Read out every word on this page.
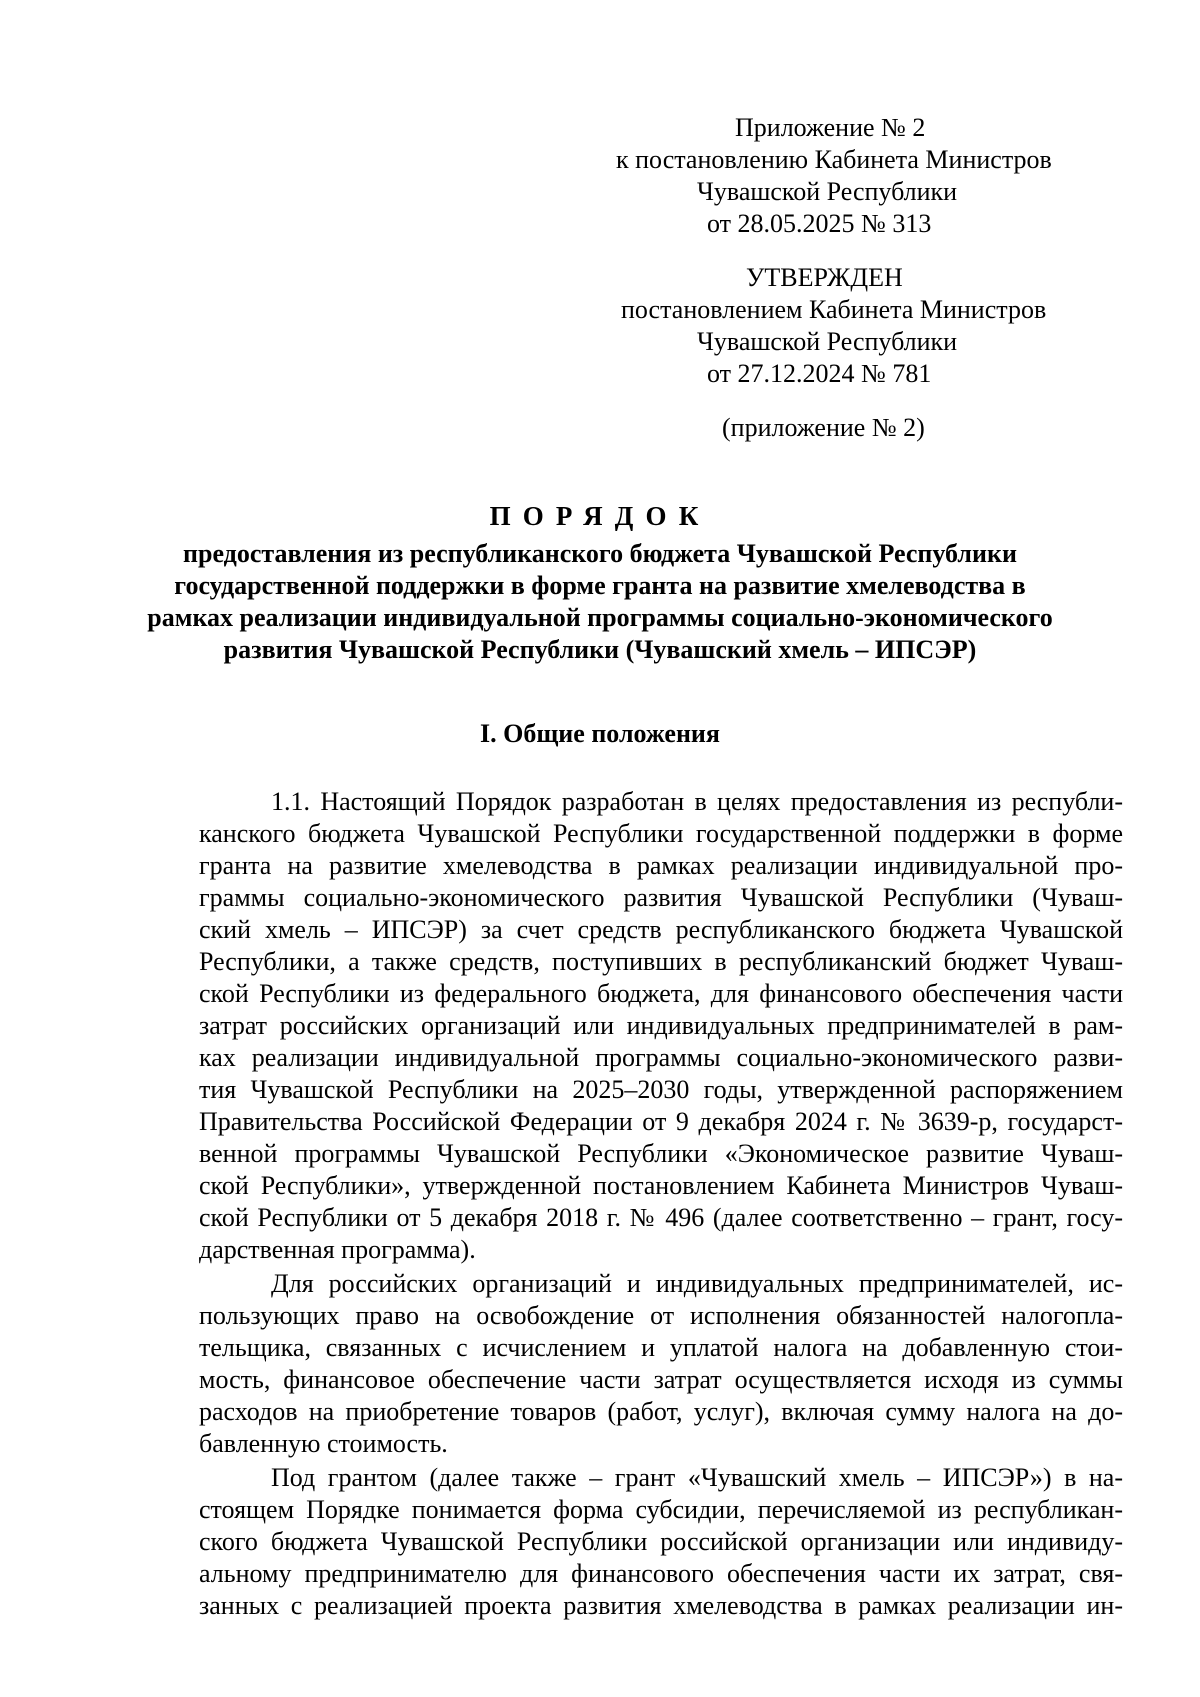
Приложение № 2
к постановлению Кабинета Министров
Чувашской Республики
от 28.05.2025 № 313
УТВЕРЖДЕН
постановлением Кабинета Министров
Чувашской Республики
от 27.12.2024 № 781
(приложение № 2)
ПОРЯДОК
предоставления из республиканского бюджета Чувашской Республики
государственной поддержки в форме гранта на развитие хмелеводства в
рамках реализации индивидуальной программы социально-экономического
развития Чувашской Республики (Чувашский хмель – ИПСЭР)
I. Общие положения
1.1. Настоящий Порядок разработан в целях предоставления из республи-
канского бюджета Чувашской Республики государственной поддержки в форме
гранта на развитие хмелеводства в рамках реализации индивидуальной про-
граммы социально-экономического развития Чувашской Республики (Чуваш-
ский хмель – ИПСЭР) за счет средств республиканского бюджета Чувашской
Республики, а также средств, поступивших в республиканский бюджет Чуваш-
ской Республики из федерального бюджета, для финансового обеспечения части
затрат российских организаций или индивидуальных предпринимателей в рам-
ках реализации индивидуальной программы социально-экономического разви-
тия Чувашской Республики на 2025–2030 годы, утвержденной распоряжением
Правительства Российской Федерации от 9 декабря 2024 г. № 3639-р, государст-
венной программы Чувашской Республики «Экономическое развитие Чуваш-
ской Республики», утвержденной постановлением Кабинета Министров Чуваш-
ской Республики от 5 декабря 2018 г. № 496 (далее соответственно – грант, госу-
дарственная программа).
Для российских организаций и индивидуальных предпринимателей, ис-
пользующих право на освобождение от исполнения обязанностей налогопла-
тельщика, связанных с исчислением и уплатой налога на добавленную стои-
мость, финансовое обеспечение части затрат осуществляется исходя из суммы
расходов на приобретение товаров (работ, услуг), включая сумму налога на до-
бавленную стоимость.
Под грантом (далее также – грант «Чувашский хмель – ИПСЭР») в на-
стоящем Порядке понимается форма субсидии, перечисляемой из республикан-
ского бюджета Чувашской Республики российской организации или индивиду-
альному предпринимателю для финансового обеспечения части их затрат, свя-
занных с реализацией проекта развития хмелеводства в рамках реализации ин-
